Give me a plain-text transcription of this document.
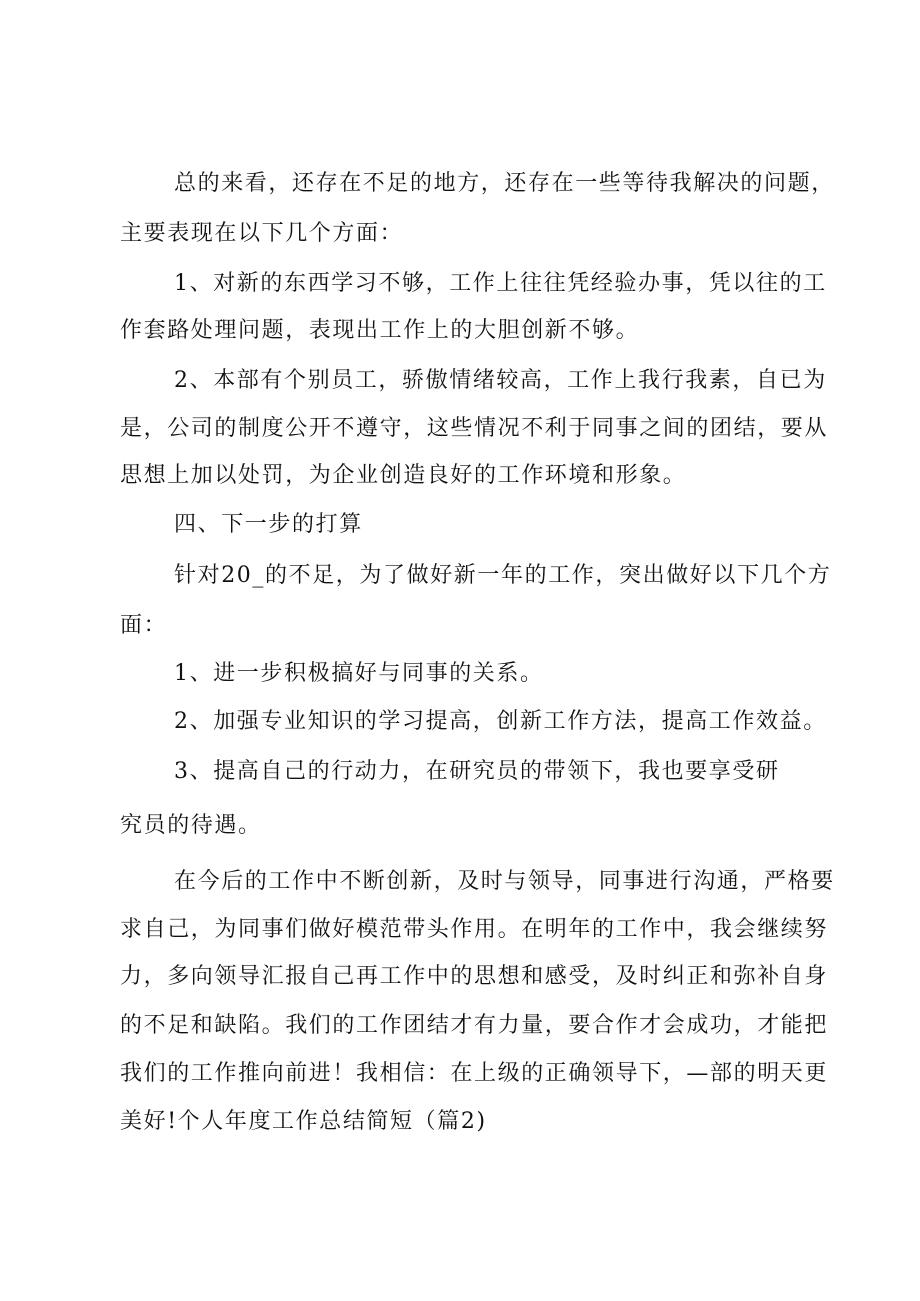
总的来看，还存在不足的地方，还存在一些等待我解决的问题，
主要表现在以下几个方面：
1、对新的东西学习不够，工作上往往凭经验办事，凭以往的工
作套路处理问题，表现出工作上的大胆创新不够。
2、本部有个别员工，骄傲情绪较高，工作上我行我素，自已为
是，公司的制度公开不遵守，这些情况不利于同事之间的团结，要从
思想上加以处罚，为企业创造良好的工作环境和形象。
四、下一步的打算
针对20_的不足，为了做好新一年的工作，突出做好以下几个方
面：
1、进一步积极搞好与同事的关系。
2、加强专业知识的学习提高，创新工作方法，提高工作效益。
3、提高自己的行动力，在研究员的带领下，我也要享受研
究员的待遇。
在今后的工作中不断创新，及时与领导，同事进行沟通，严格要
求自己，为同事们做好模范带头作用。在明年的工作中，我会继续努
力，多向领导汇报自己再工作中的思想和感受，及时纠正和弥补自身
的不足和缺陷。我们的工作团结才有力量，要合作才会成功，才能把
我们的工作推向前进！我相信：在上级的正确领导下，—部的明天更
美好!个人年度工作总结简短（篇2)
